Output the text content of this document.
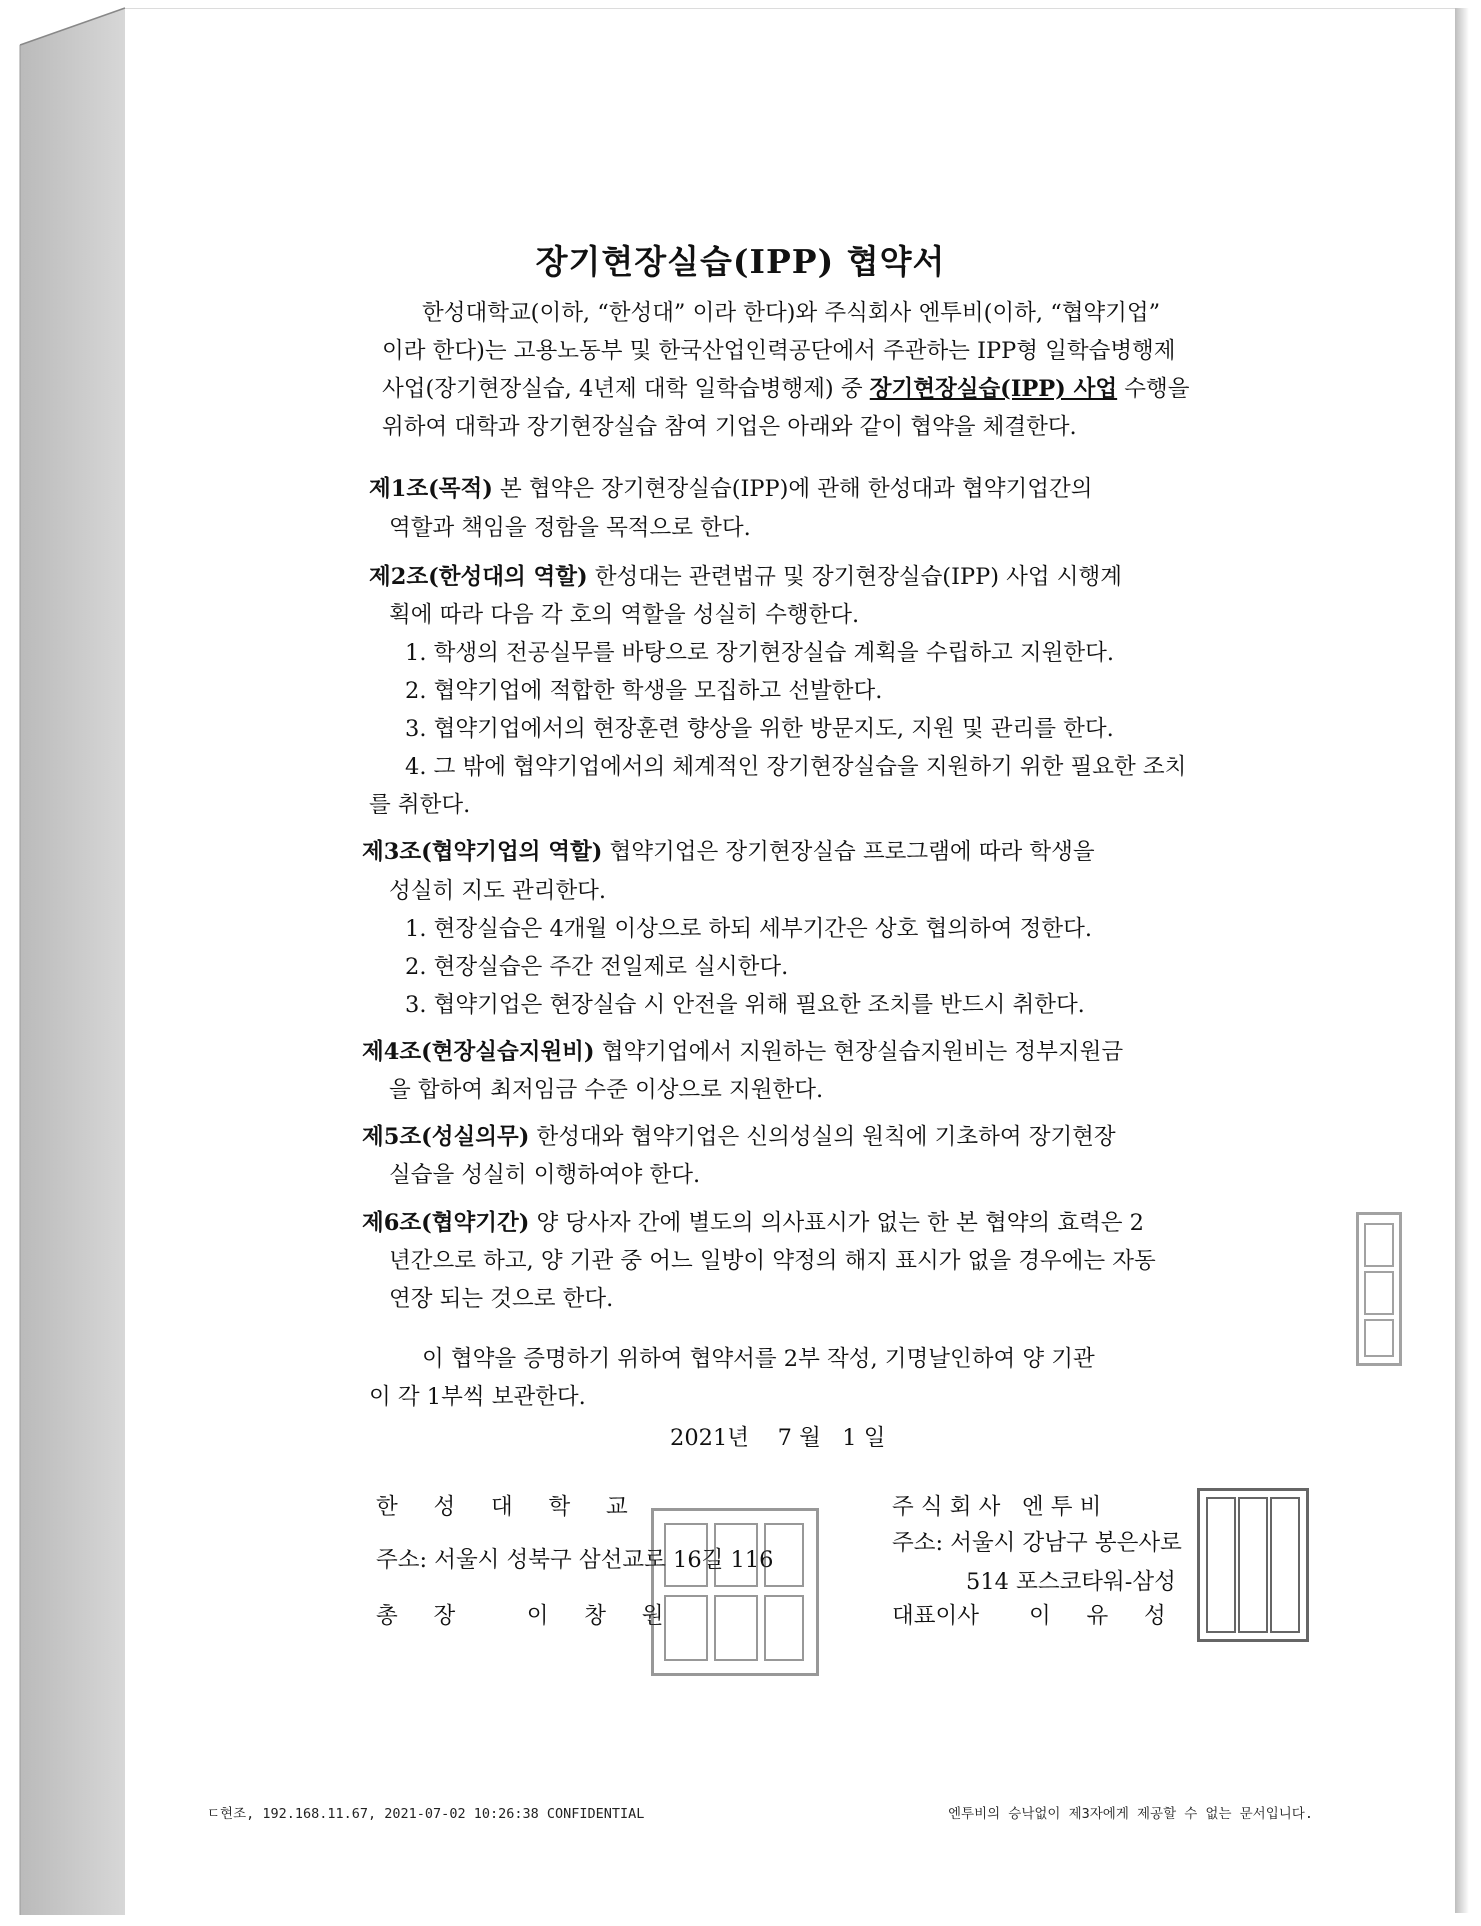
장기현장실습(IPP) 협약서
한성대학교(이하, “한성대” 이라 한다)와 주식회사 엔투비(이하, “협약기업”
이라 한다)는 고용노동부 및 한국산업인력공단에서 주관하는 IPP형 일학습병행제
사업(장기현장실습, 4년제 대학 일학습병행제) 중 장기현장실습(IPP) 사업 수행을
위하여 대학과 장기현장실습 참여 기업은 아래와 같이 협약을 체결한다.
제1조(목적) 본 협약은 장기현장실습(IPP)에 관해 한성대과 협약기업간의
역할과 책임을 정함을 목적으로 한다.
제2조(한성대의 역할) 한성대는 관련법규 및 장기현장실습(IPP) 사업 시행계
획에 따라 다음 각 호의 역할을 성실히 수행한다.
1. 학생의 전공실무를 바탕으로 장기현장실습 계획을 수립하고 지원한다.
2. 협약기업에 적합한 학생을 모집하고 선발한다.
3. 협약기업에서의 현장훈련 향상을 위한 방문지도, 지원 및 관리를 한다.
4. 그 밖에 협약기업에서의 체계적인 장기현장실습을 지원하기 위한 필요한 조치
를 취한다.
제3조(협약기업의 역할) 협약기업은 장기현장실습 프로그램에 따라 학생을
성실히 지도 관리한다.
1. 현장실습은 4개월 이상으로 하되 세부기간은 상호 협의하여 정한다.
2. 현장실습은 주간 전일제로 실시한다.
3. 협약기업은 현장실습 시 안전을 위해 필요한 조치를 반드시 취한다.
제4조(현장실습지원비) 협약기업에서 지원하는 현장실습지원비는 정부지원금
을 합하여 최저임금 수준 이상으로 지원한다.
제5조(성실의무) 한성대와 협약기업은 신의성실의 원칙에 기초하여 장기현장
실습을 성실히 이행하여야 한다.
제6조(협약기간) 양 당사자 간에 별도의 의사표시가 없는 한 본 협약의 효력은 2
년간으로 하고, 양 기관 중 어느 일방이 약정의 해지 표시가 없을 경우에는 자동
연장 되는 것으로 한다.
이 협약을 증명하기 위하여 협약서를 2부 작성, 기명날인하여 양 기관
이 각 1부씩 보관한다.
2021년    7 월   1 일
한     성     대     학     교
주소: 서울시 성북구 삼선교로 16길 116
총     장          이     창     원
주 식 회 사   엔 투 비
주소: 서울시 강남구 봉은사로
514 포스코타워-삼성
대표이사       이     유     성
ㄷ현조, 192.168.11.67, 2021-07-02 10:26:38 CONFIDENTIAL	엔투비의 승낙없이 제3자에게 제공할 수 없는 문서입니다.
